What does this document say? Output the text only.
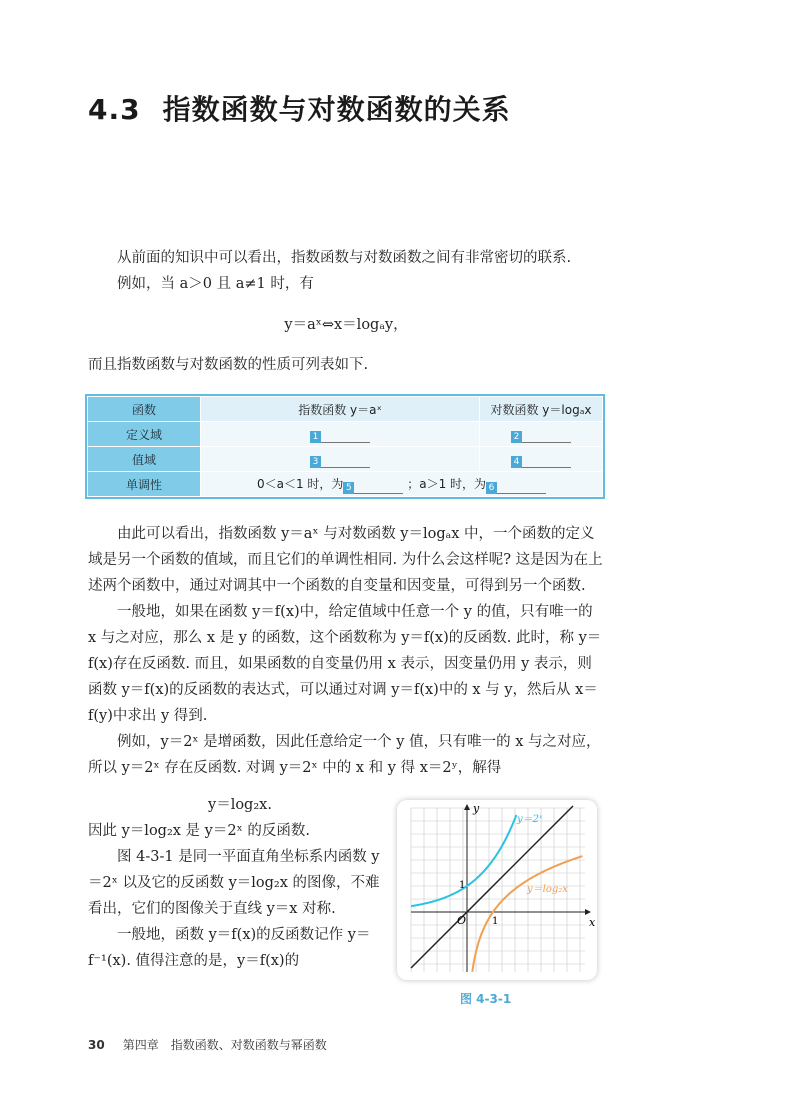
4.3 指数函数与对数函数的关系

从前面的知识中可以看出，指数函数与对数函数之间有非常密切的联系.

例如，当 a＞0 且 a≠1 时，有

y＝aˣ⇔x＝logₐy，

而且指数函数与对数函数的性质可列表如下.

函数	指数函数 y＝aˣ	对数函数 y＝logₐx
定义域	1	2
值域	3	4
单调性	0＜a＜1 时，为 5 ；a＞1 时，为 6	

由此可以看出，指数函数 y＝aˣ 与对数函数 y＝logₐx 中，一个函数的定义域是另一个函数的值域，而且它们的单调性相同. 为什么会这样呢? 这是因为在上述两个函数中，通过对调其中一个函数的自变量和因变量，可得到另一个函数.

一般地，如果在函数 y＝f(x)中，给定值域中任意一个 y 的值，只有唯一的 x 与之对应，那么 x 是 y 的函数，这个函数称为 y＝f(x)的反函数. 此时，称 y＝f(x)存在反函数. 而且，如果函数的自变量仍用 x 表示，因变量仍用 y 表示，则函数 y＝f(x)的反函数的表达式，可以通过对调 y＝f(x)中的 x 与 y，然后从 x＝f(y)中求出 y 得到.

例如，y＝2ˣ 是增函数，因此任意给定一个 y 值，只有唯一的 x 与之对应，所以 y＝2ˣ 存在反函数. 对调 y＝2ˣ 中的 x 和 y 得 x＝2ʸ，解得

y＝log₂x.

因此 y＝log₂x 是 y＝2ˣ 的反函数.

图 4-3-1 是同一平面直角坐标系内函数 y＝2ˣ 以及它的反函数 y＝log₂x 的图像，不难看出，它们的图像关于直线 y＝x 对称.

一般地，函数 y＝f(x)的反函数记作 y＝f⁻¹(x). 值得注意的是，y＝f(x)的

x
y
O	1
1
y＝2ˣ
y＝log₂x
图 4-3-1
30 第四章　指数函数、对数函数与幂函数
